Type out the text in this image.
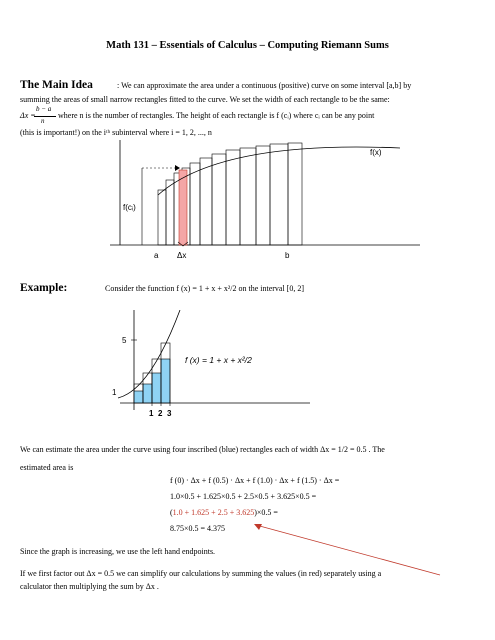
Math 131 – Essentials of Calculus – Computing Riemann Sums
The Main Idea	: We can approximate the area under a continuous (positive) curve on some interval [a,b] by
summing the areas of small narrow rectangles fitted to the curve. We set the width of each rectangle to be the same:
Δx =
b − a
n
where n is the number of rectangles. The height of each rectangle is f (cᵢ) where cᵢ can be any point
(this is important!) on the iᵗʰ subinterval where i = 1, 2, ..., n
f(cᵢ)
f(x)
a Δx	b
Example:	Consider the function f (x) = 1 + x + x²/2 on the interval [0, 2]
5
1
1 2 3
f (x) = 1 + x + x²/2
We can estimate the area under the curve using four inscribed (blue) rectangles each of width Δx = 1/2 = 0.5 . The
estimated area is
f (0) · Δx + f (0.5) · Δx + f (1.0) · Δx + f (1.5) · Δx =
1.0×0.5 + 1.625×0.5 + 2.5×0.5 + 3.625×0.5 =
(1.0 + 1.625 + 2.5 + 3.625)×0.5 =
8.75×0.5 = 4.375
Since the graph is increasing, we use the left hand endpoints.
If we first factor out Δx = 0.5 we can simplify our calculations by summing the values (in red) separately using a
calculator then multiplying the sum by Δx .
